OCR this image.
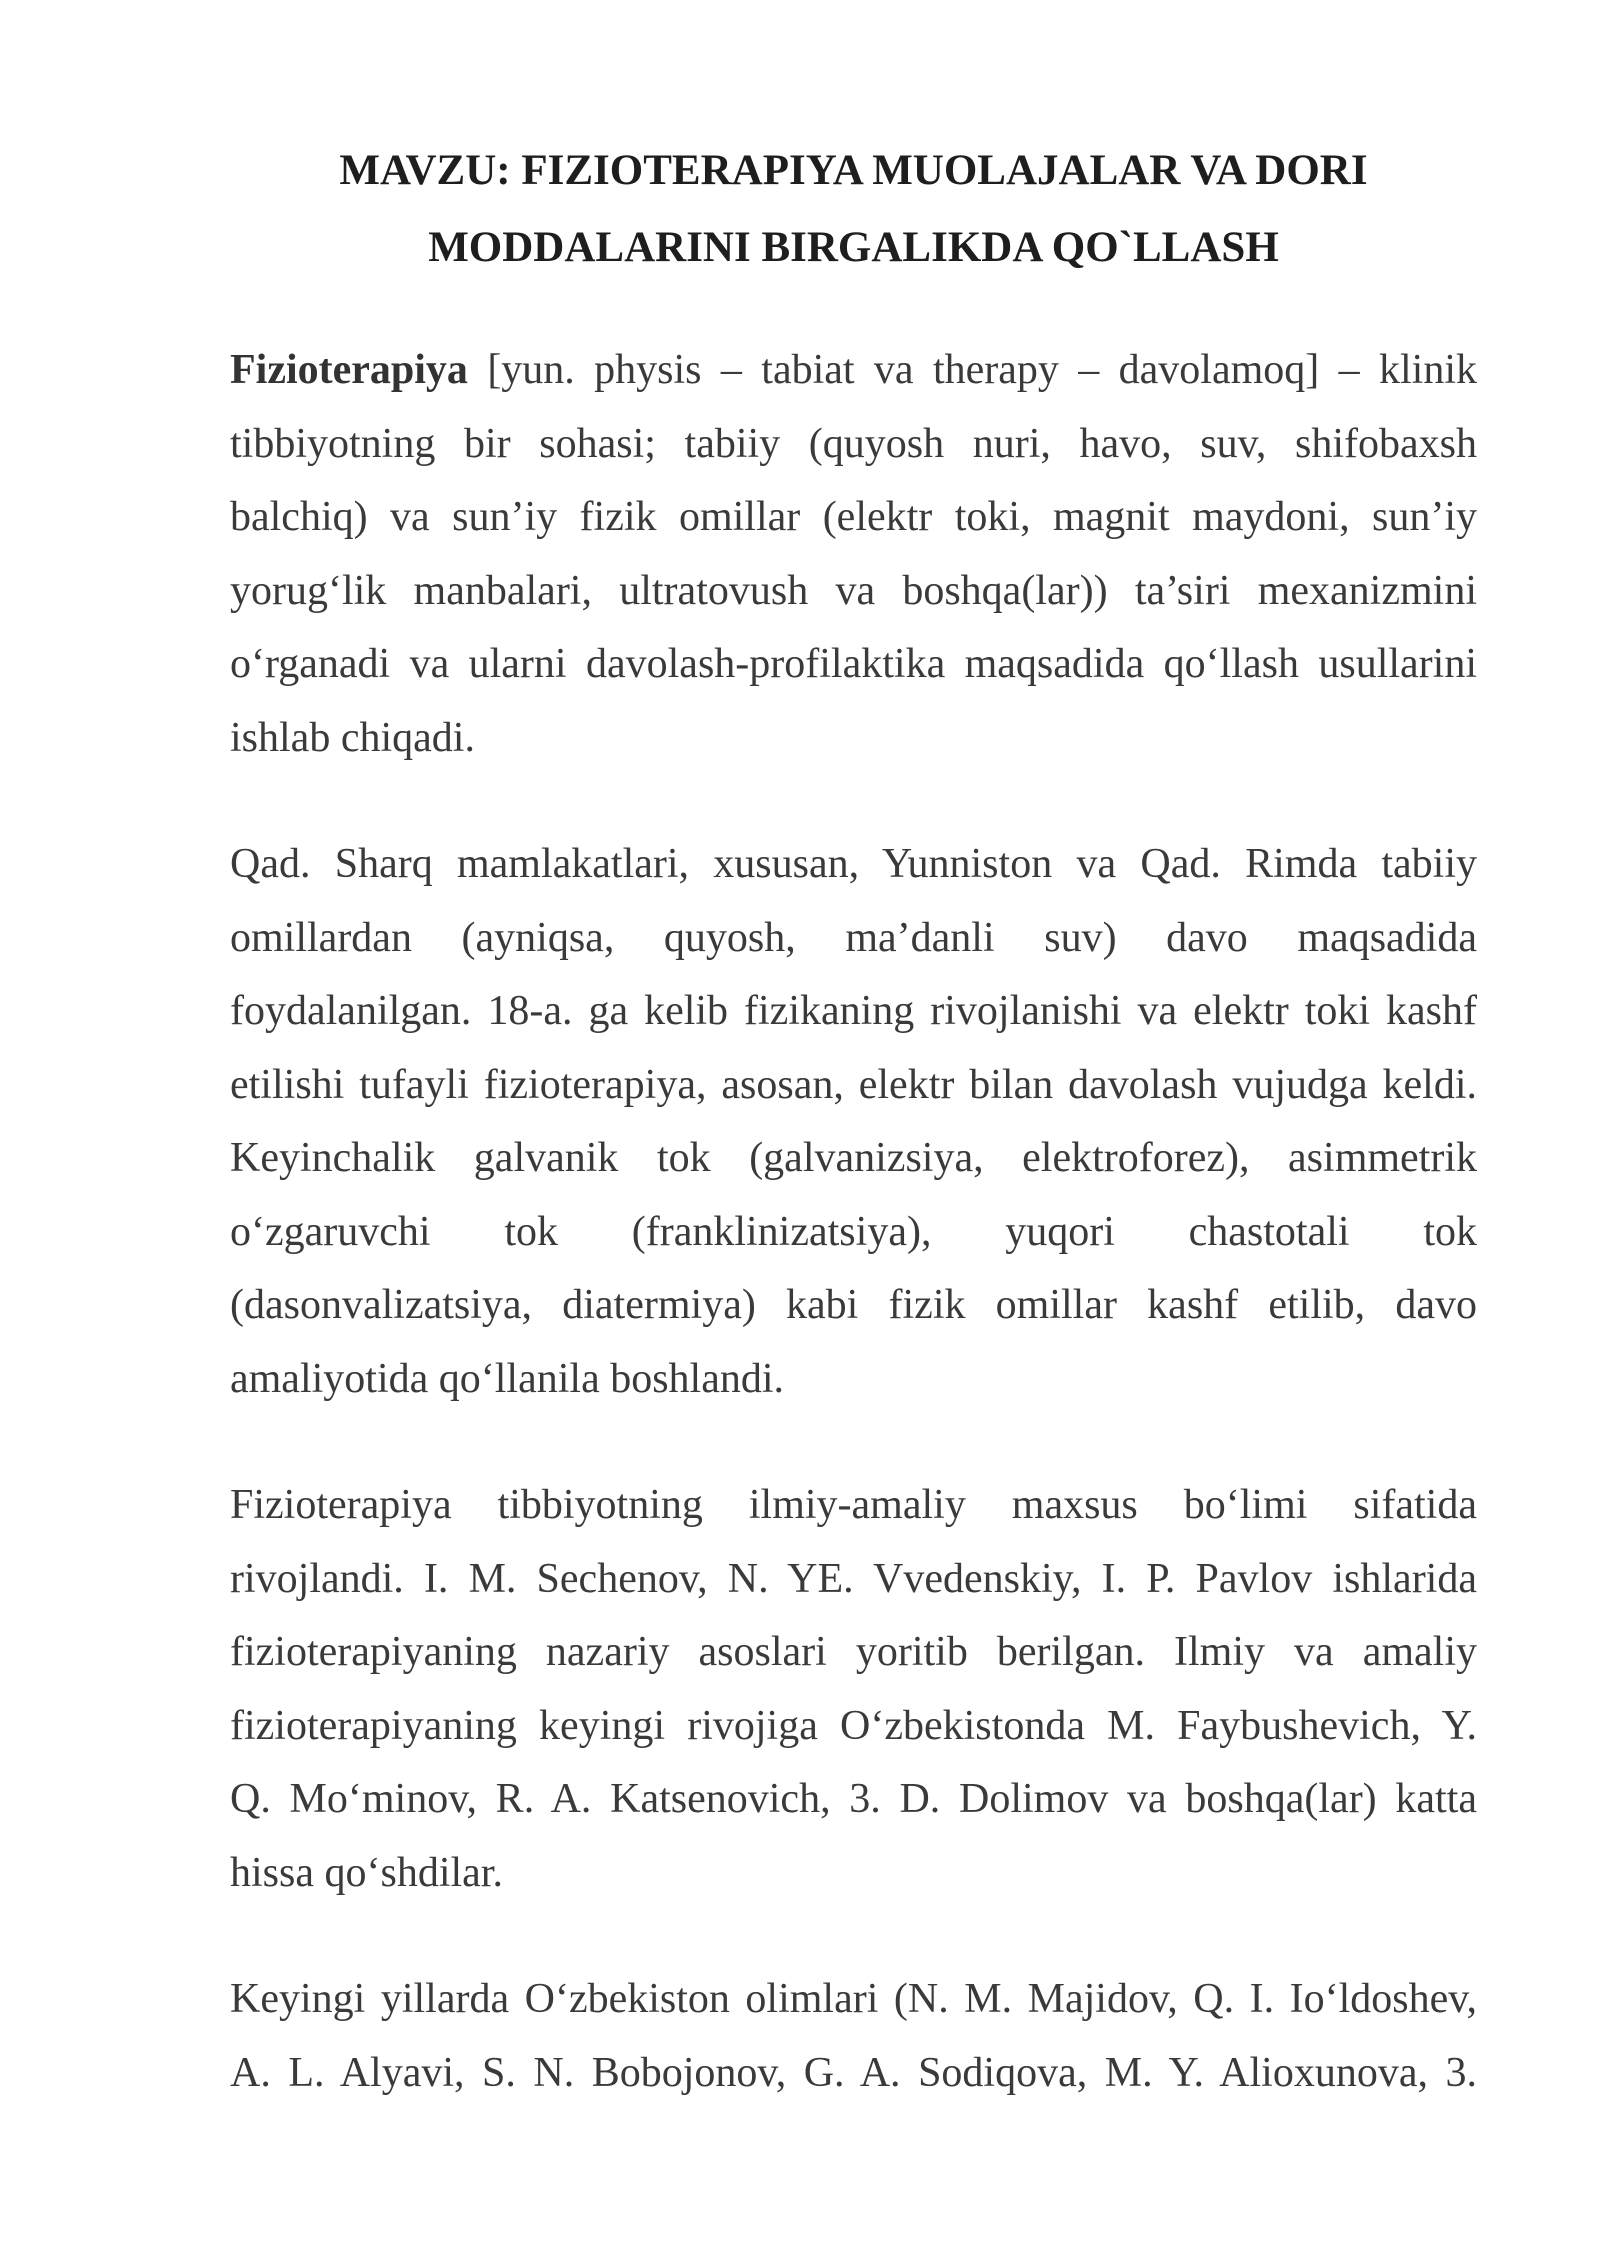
MAVZU: FIZIOTERAPIYA MUOLAJALAR VA DORI
MODDALARINI BIRGALIKDA QO`LLASH
Fizioterapiya [yun. physis – tabiat va therapy – davolamoq] – klinik
tibbiyotning bir sohasi; tabiiy (quyosh nuri, havo, suv, shifobaxsh
balchiq) va sun’iy fizik omillar (elektr toki, magnit maydoni, sun’iy
yorug‘lik manbalari, ultratovush va boshqa(lar)) ta’siri mexanizmini
o‘rganadi va ularni davolash-profilaktika maqsadida qo‘llash usullarini
ishlab chiqadi.
Qad. Sharq mamlakatlari, xususan, Yunniston va Qad. Rimda tabiiy
omillardan (ayniqsa, quyosh, ma’danli suv) davo maqsadida
foydalanilgan. 18-a. ga kelib fizikaning rivojlanishi va elektr toki kashf
etilishi tufayli fizioterapiya, asosan, elektr bilan davolash vujudga keldi.
Keyinchalik galvanik tok (galvanizsiya, elektroforez), asimmetrik
o‘zgaruvchi tok (franklinizatsiya), yuqori chastotali tok
(dasonvalizatsiya, diatermiya) kabi fizik omillar kashf etilib, davo
amaliyotida qo‘llanila boshlandi.
Fizioterapiya tibbiyotning ilmiy-amaliy maxsus bo‘limi sifatida
rivojlandi. I. M. Sechenov, N. YE. Vvedenskiy, I. P. Pavlov ishlarida
fizioterapiyaning nazariy asoslari yoritib berilgan. Ilmiy va amaliy
fizioterapiyaning keyingi rivojiga O‘zbekistonda M. Faybushevich, Y.
Q. Mo‘minov, R. A. Katsenovich, 3. D. Dolimov va boshqa(lar) katta
hissa qo‘shdilar.
Keyingi yillarda O‘zbekiston olimlari (N. M. Majidov, Q. I. Io‘ldoshev,
A. L. Alyavi, S. N. Bobojonov, G. A. Sodiqova, M. Y. Alioxunova, 3.
